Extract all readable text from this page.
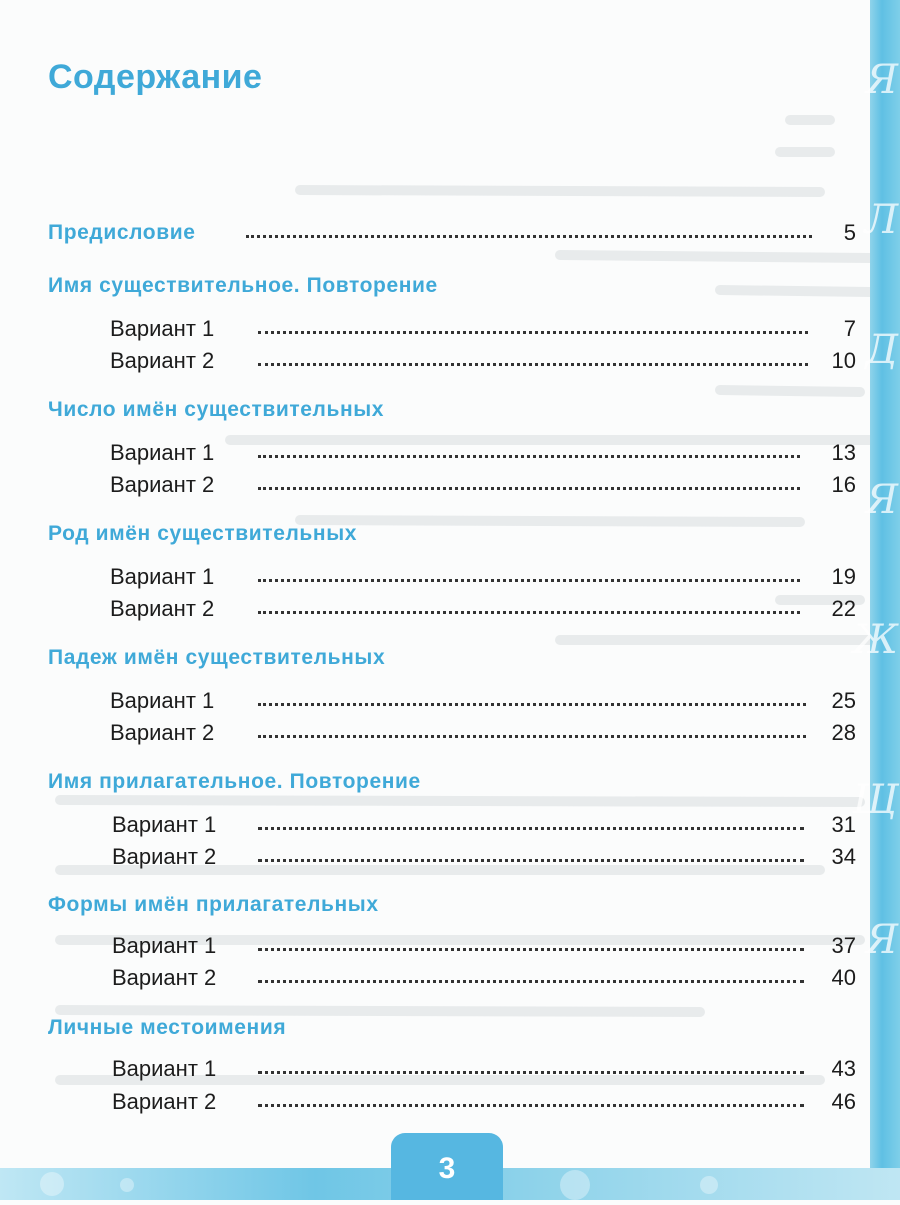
Я
Л
Д
Я
Ж
Щ
Я
3
Содержание
Предисловие	5
Имя существительное. Повторение
Вариант 1	7
Вариант 2	10
Число имён существительных
Вариант 1	13
Вариант 2	16
Род имён существительных
Вариант 1	19
Вариант 2	22
Падеж имён существительных
Вариант 1	25
Вариант 2	28
Имя прилагательное. Повторение
Вариант 1	31
Вариант 2	34
Формы имён прилагательных
Вариант 1	37
Вариант 2	40
Личные местоимения
Вариант 1	43
Вариант 2	46
